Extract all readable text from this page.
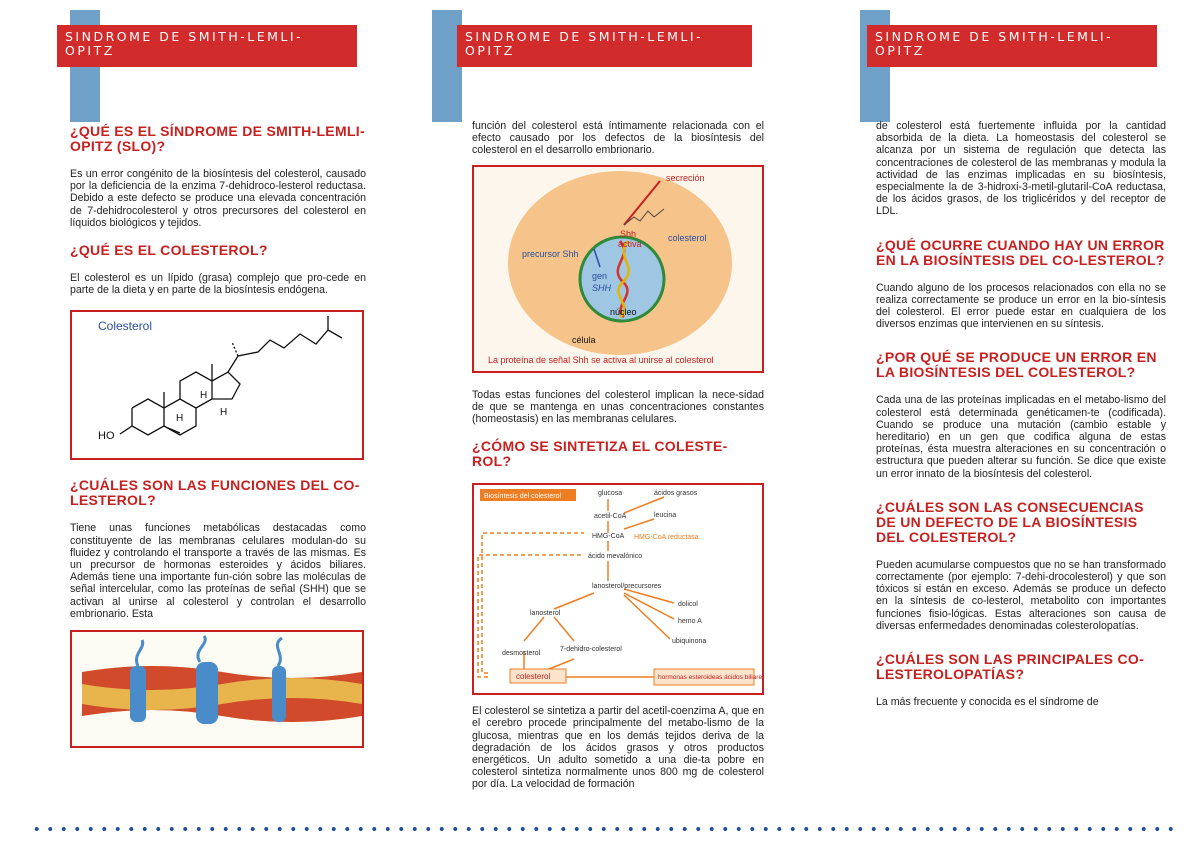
SINDROME DE SMITH-LEMLI-OPITZ
SINDROME DE SMITH-LEMLI-OPITZ
SINDROME DE SMITH-LEMLI-OPITZ
¿QUÉ ES EL SÍNDROME DE SMITH-LEMLI-OPITZ (SLO)?
Es un error congénito de la biosíntesis del colesterol, causado por la deficiencia de la enzima 7-dehidroco-lesterol reductasa. Debido a este defecto se produce una elevada concentración de 7-dehidrocolesterol y otros precursores del colesterol en líquidos biológicos y tejidos.
¿QUÉ ES EL COLESTEROL?
El colesterol es un lípido (grasa) complejo que pro-cede en parte de la dieta y en parte de la biosíntesis endógena.
Colesterol
HO
H
H
H
¿CUÁLES SON LAS FUNCIONES DEL CO-LESTEROL?
Tiene unas funciones metabólicas destacadas como constituyente de las membranas celulares modulan-do su fluidez y controlando el transporte a través de las mismas. Es un precursor de hormonas esteroides y ácidos biliares. Además tiene una importante fun-ción sobre las moléculas de señal intercelular, como las proteínas de señal (SHH) que se activan al unirse al colesterol y controlan el desarrollo embrionario. Esta
función del colesterol está íntimamente relacionada con el efecto causado por los defectos de la biosíntesis del colesterol en el desarrollo embrionario.
secreción
Shh
activa
colesterol
precursor Shh
gen
SHH
núcleo
célula
La proteína de señal Shh se activa al unirse al colesterol
Todas estas funciones del colesterol implican la nece-sidad de que se mantenga en unas concentraciones constantes (homeostasis) en las membranas celulares.
¿CÓMO SE SINTETIZA EL COLESTE-ROL?
Biosíntesis del colesterol	glucosa	ácidos grasos
acetil-CoA	leucina
HMG-CoA HMG-CoA reductasa
ácido mevalónico
lanosterol/precursores
dolicol
hemo A
ubiquinona
lanosterol
desmosterol
7-dehidro-colesterol
colesterol	hormonas esteroideas ácidos biliares
El colesterol se sintetiza a partir del acetil-coenzima A, que en el cerebro procede principalmente del metabo-lismo de la glucosa, mientras que en los demás tejidos deriva de la degradación de los ácidos grasos y otros productos energéticos. Un adulto sometido a una die-ta pobre en colesterol sintetiza normalmente unos 800 mg de colesterol por día. La velocidad de formación
de colesterol está fuertemente influida por la cantidad absorbida de la dieta. La homeostasis del colesterol se alcanza por un sistema de regulación que detecta las concentraciones de colesterol de las membranas y modula la actividad de las enzimas implicadas en su biosíntesis, especialmente la de 3-hidroxi-3-metil-glutaril-CoA reductasa, de los ácidos grasos, de los triglicéridos y del receptor de LDL.
¿QUÉ OCURRE CUANDO HAY UN ERROR EN LA BIOSÍNTESIS DEL CO-LESTEROL?
Cuando alguno de los procesos relacionados con ella no se realiza correctamente se produce un error en la bio-síntesis del colesterol. El error puede estar en cualquiera de los diversos enzimas que intervienen en su síntesis.
¿POR QUÉ SE PRODUCE UN ERROR EN LA BIOSÍNTESIS DEL COLESTEROL?
Cada una de las proteínas implicadas en el metabo-lismo del colesterol está determinada genéticamen-te (codificada). Cuando se produce una mutación (cambio estable y hereditario) en un gen que codifica alguna de estas proteínas, ésta muestra alteraciones en su concentración o estructura que pueden alterar su función. Se dice que existe un error innato de la biosíntesis del colesterol.
¿CUÁLES SON LAS CONSECUENCIAS DE UN DEFECTO DE LA BIOSÍNTESIS DEL COLESTEROL?
Pueden acumularse compuestos que no se han transformado correctamente (por ejemplo: 7-dehi-drocolesterol) y que son tóxicos si están en exceso. Además se produce un defecto en la síntesis de co-lesterol, metabolito con importantes funciones fisio-lógicas. Estas alteraciones son causa de diversas enfermedades denominadas colesterolopatías.
¿CUÁLES SON LAS PRINCIPALES CO-LESTEROLOPATÍAS?
La más frecuente y conocida es el síndrome de
